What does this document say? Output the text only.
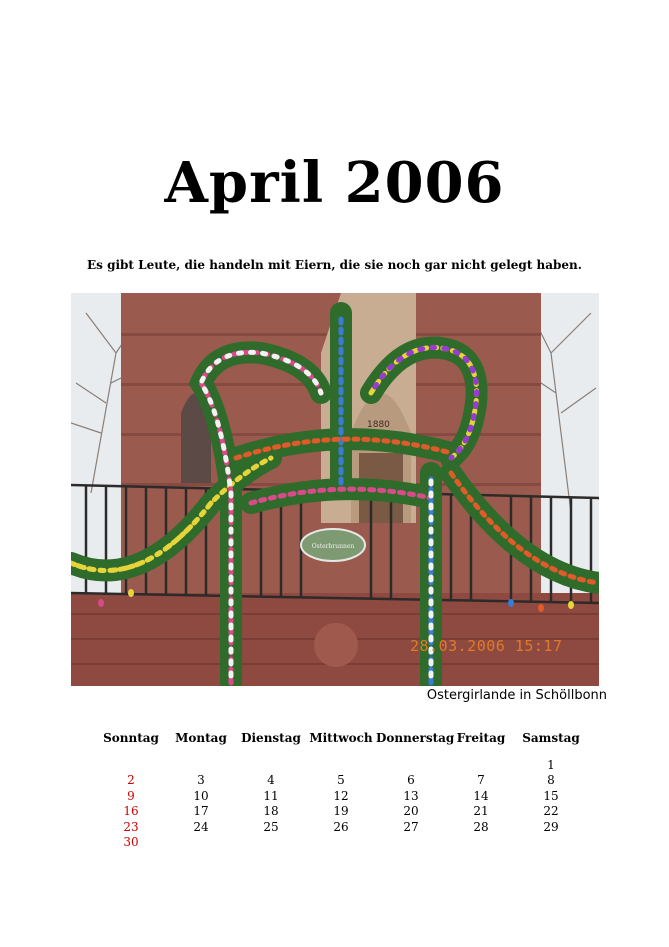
April 2006
Es gibt Leute, die handeln mit Eiern, die sie noch gar nicht gelegt haben.
1880
Osterbrunnen
28.03.2006 15:17
Ostergirlande in Schöllbonn
Sonntag	Montag	Dienstag	Mittwoch	Donnerstag	Freitag	Samstag

						1
2	3	4	5	6	7	8
9	10	11	12	13	14	15
16	17	18	19	20	21	22
23	24	25	26	27	28	29
30						
